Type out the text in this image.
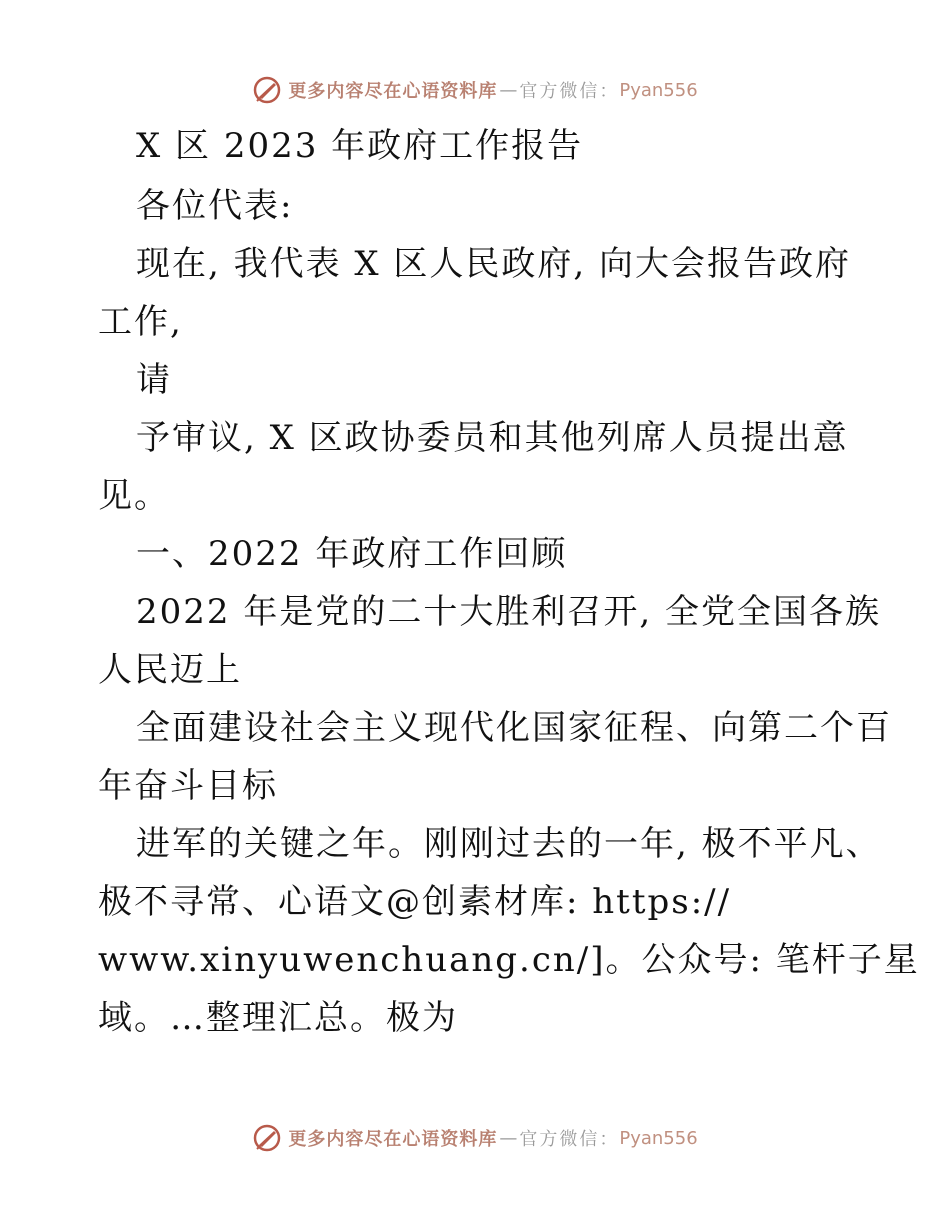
更多内容尽在心语资料库 — 官方微信： Pyan556
X 区 2023 年政府工作报告
各位代表:
现在, 我代表 X 区人民政府, 向大会报告政府
工作,
请
予审议, X 区政协委员和其他列席人员提出意
见。
一、2022 年政府工作回顾
2022 年是党的二十大胜利召开, 全党全国各族
人民迈上
全面建设社会主义现代化国家征程、向第二个百
年奋斗目标
进军的关键之年。刚刚过去的一年, 极不平凡、
极不寻常、心语文@创素材库: https://
www.xinyuwenchuang.cn/]。公众号: 笔杆子星
域。…整理汇总。极为
更多内容尽在心语资料库 — 官方微信： Pyan556
